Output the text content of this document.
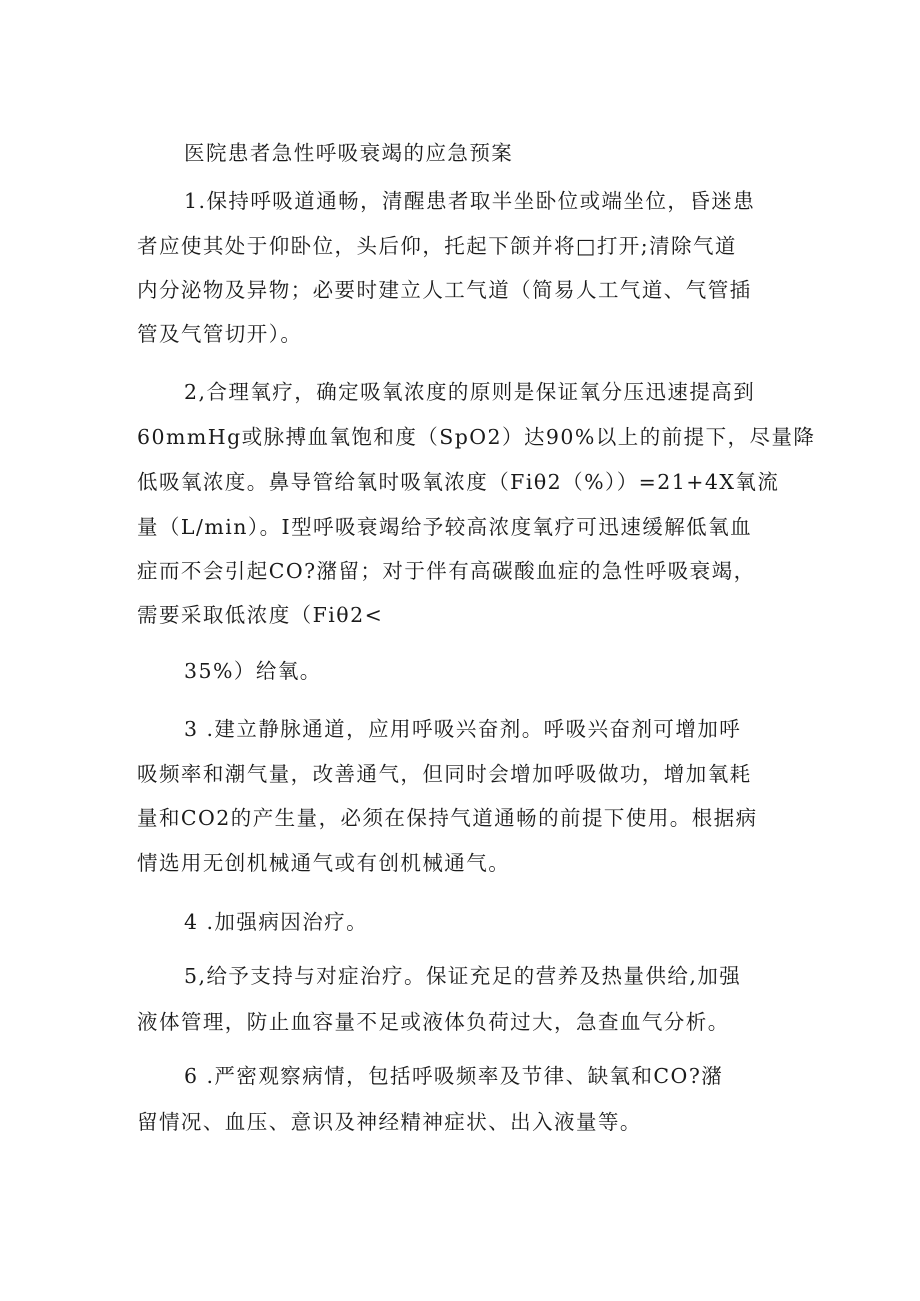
医院患者急性呼吸衰竭的应急预案
1.保持呼吸道通畅，清醒患者取半坐卧位或端坐位，昏迷患
者应使其处于仰卧位，头后仰，托起下颌并将□打开;清除气道
内分泌物及异物；必要时建立人工气道（简易人工气道、气管插
管及气管切开）。
2,合理氧疗，确定吸氧浓度的原则是保证氧分压迅速提高到
60mmHg或脉搏血氧饱和度（SpO2）达90%以上的前提下，尽量降
低吸氧浓度。鼻导管给氧时吸氧浓度（Fiθ2（%））=21+4X氧流
量（L/min）。I型呼吸衰竭给予较高浓度氧疗可迅速缓解低氧血
症而不会引起CO?潴留；对于伴有高碳酸血症的急性呼吸衰竭，
需要采取低浓度（Fiθ2<
35%）给氧。
3 .建立静脉通道，应用呼吸兴奋剂。呼吸兴奋剂可增加呼
吸频率和潮气量，改善通气，但同时会增加呼吸做功，增加氧耗
量和CO2的产生量，必须在保持气道通畅的前提下使用。根据病
情选用无创机械通气或有创机械通气。
4 .加强病因治疗。
5,给予支持与对症治疗。保证充足的营养及热量供给,加强
液体管理，防止血容量不足或液体负荷过大，急查血气分析。
6 .严密观察病情，包括呼吸频率及节律、缺氧和CO?潴
留情况、血压、意识及神经精神症状、出入液量等。
